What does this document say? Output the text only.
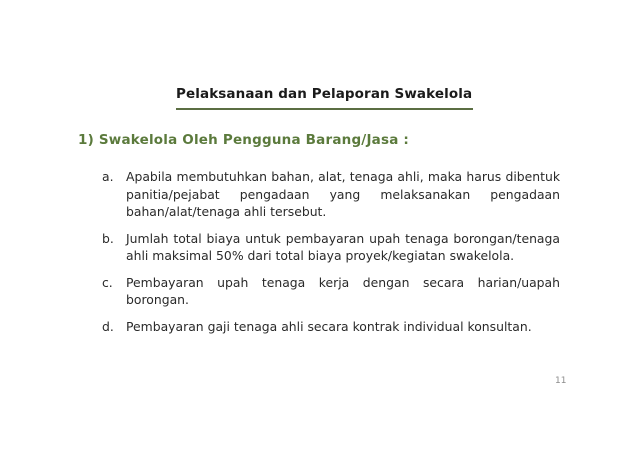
Pelaksanaan dan Pelaporan Swakelola
1) Swakelola Oleh Pengguna Barang/Jasa :
a. Apabila membutuhkan bahan, alat, tenaga ahli, maka harus dibentuk panitia/pejabat pengadaan yang melaksanakan pengadaan bahan/alat/tenaga ahli tersebut.
b. Jumlah total biaya untuk pembayaran upah tenaga borongan/tenaga ahli maksimal 50% dari total biaya proyek/kegiatan swakelola.
c. Pembayaran upah tenaga kerja dengan secara harian/uapah borongan.
d. Pembayaran gaji tenaga ahli secara kontrak individual konsultan.
11
